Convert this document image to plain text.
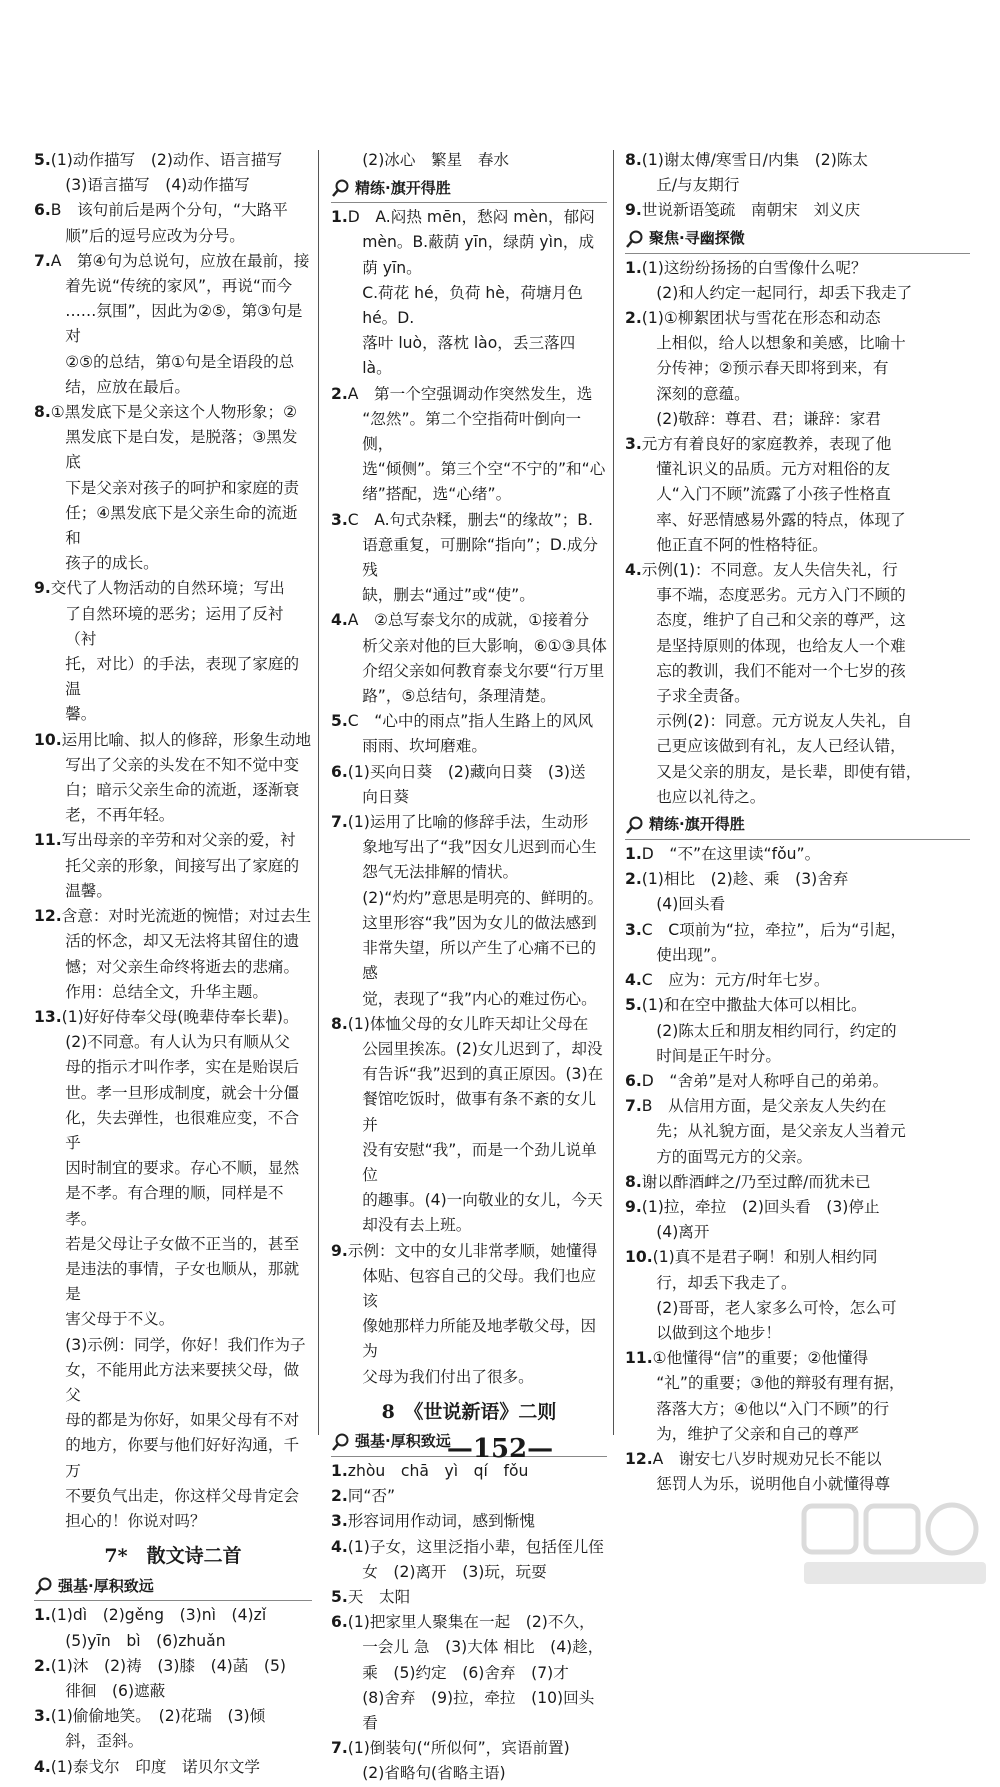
5.(1)动作描写　(2)动作、语言描写

(3)语言描写　(4)动作描写

6.B　该句前后是两个分句，“大路平

顺”后的逗号应改为分号。

7.A　第④句为总说句，应放在最前，接

着先说“传统的家风”，再说“而今

……氛围”，因此为②⑤，第③句是对

②⑤的总结，第①句是全语段的总

结，应放在最后。

8.①黑发底下是父亲这个人物形象；②

黑发底下是白发，是脱落；③黑发底

下是父亲对孩子的呵护和家庭的责

任；④黑发底下是父亲生命的流逝和

孩子的成长。

9.交代了人物活动的自然环境；写出

了自然环境的恶劣；运用了反衬（衬

托，对比）的手法，表现了家庭的温

馨。

10.运用比喻、拟人的修辞，形象生动地

写出了父亲的头发在不知不觉中变

白；暗示父亲生命的流逝，逐渐衰

老，不再年轻。

11.写出母亲的辛劳和对父亲的爱，衬

托父亲的形象，间接写出了家庭的

温馨。

12.含意：对时光流逝的惋惜；对过去生

活的怀念，却又无法将其留住的遗

憾；对父亲生命终将逝去的悲痛。

作用：总结全文，升华主题。

13.(1)好好侍奉父母(晚辈侍奉长辈)。

(2)不同意。有人认为只有顺从父

母的指示才叫作孝，实在是贻误后

世。孝一旦形成制度，就会十分僵

化，失去弹性，也很难应变，不合乎

因时制宜的要求。存心不顺，显然

是不孝。有合理的顺，同样是不孝。

若是父母让子女做不正当的，甚至

是违法的事情，子女也顺从，那就是

害父母于不义。

(3)示例：同学，你好！我们作为子

女，不能用此方法来要挟父母，做父

母的都是为你好，如果父母有不对

的地方，你要与他们好好沟通，千万

不要负气出走，你这样父母肯定会

担心的！你说对吗？

7*　散文诗二首
强基·厚积致远

1.(1)dì　(2)gěng　(3)nì　(4)zǐ

(5)yīn　bì　(6)zhuǎn

2.(1)沐　(2)祷　(3)膝　(4)菡　(5)

徘徊　(6)遮蔽

3.(1)偷偷地笑。　(2)花瑞　(3)倾

斜，歪斜。

4.(1)泰戈尔　印度　诺贝尔文学

(2)冰心　繁星　春水

精练·旗开得胜

1.D　A.闷热 mēn，愁闷 mèn，郁闷

mèn。B.蔽荫 yīn，绿荫 yìn，成荫 yīn。

C.荷花 hé，负荷 hè，荷塘月色 hé。D.

落叶 luò，落枕 lào，丢三落四 là。

2.A　第一个空强调动作突然发生，选

“忽然”。第二个空指荷叶倒向一侧，

选“倾侧”。第三个空“不宁的”和“心

绪”搭配，选“心绪”。

3.C　A.句式杂糅，删去“的缘故”；B.

语意重复，可删除“指向”；D.成分残

缺，删去“通过”或“使”。

4.A　②总写泰戈尔的成就，①接着分

析父亲对他的巨大影响，⑥①③具体

介绍父亲如何教育泰戈尔要“行万里

路”，⑤总结句，条理清楚。

5.C　“心中的雨点”指人生路上的风风

雨雨、坎坷磨难。

6.(1)买向日葵　(2)藏向日葵　(3)送

向日葵

7.(1)运用了比喻的修辞手法，生动形

象地写出了“我”因女儿迟到而心生

怨气无法排解的情状。

(2)“灼灼”意思是明亮的、鲜明的。

这里形容“我”因为女儿的做法感到

非常失望，所以产生了心痛不已的感

觉，表现了“我”内心的难过伤心。

8.(1)体恤父母的女儿昨天却让父母在

公园里挨冻。(2)女儿迟到了，却没

有告诉“我”迟到的真正原因。(3)在

餐馆吃饭时，做事有条不紊的女儿并

没有安慰“我”，而是一个劲儿说单位

的趣事。(4)一向敬业的女儿，今天

却没有去上班。

9.示例：文中的女儿非常孝顺，她懂得

体贴、包容自己的父母。我们也应该

像她那样力所能及地孝敬父母，因为

父母为我们付出了很多。

8　《世说新语》二则
强基·厚积致远

1.zhòu　chā　yì　qí　fǒu

2.同“否”

3.形容词用作动词，感到惭愧

4.(1)子女，这里泛指小辈，包括侄儿侄

女　(2)离开　(3)玩，玩耍

5.天　太阳

6.(1)把家里人聚集在一起　(2)不久，

一会儿 急　(3)大体 相比　(4)趁，

乘　(5)约定　(6)舍弃　(7)才

(8)舍弃　(9)拉，牵拉　(10)回头看

7.(1)倒装句(“所似何”，宾语前置)

(2)省略句(省略主语)

8.(1)谢太傅/寒雪日/内集　(2)陈太

丘/与友期行

9.世说新语笺疏　南朝宋　刘义庆

聚焦·寻幽探微

1.(1)这纷纷扬扬的白雪像什么呢？

(2)和人约定一起同行，却丢下我走了

2.(1)①柳絮团状与雪花在形态和动态

上相似，给人以想象和美感，比喻十

分传神；②预示春天即将到来，有

深刻的意蕴。

(2)敬辞：尊君、君；谦辞：家君

3.元方有着良好的家庭教养，表现了他

懂礼识义的品质。元方对粗俗的友

人“入门不顾”流露了小孩子性格直

率、好恶情感易外露的特点，体现了

他正直不阿的性格特征。

4.示例(1)：不同意。友人失信失礼，行

事不端，态度恶劣。元方入门不顾的

态度，维护了自己和父亲的尊严，这

是坚持原则的体现，也给友人一个难

忘的教训，我们不能对一个七岁的孩

子求全责备。

示例(2)：同意。元方说友人失礼，自

己更应该做到有礼，友人已经认错，

又是父亲的朋友，是长辈，即使有错，

也应以礼待之。

精练·旗开得胜

1.D　“不”在这里读“fǒu”。

2.(1)相比　(2)趁、乘　(3)舍弃

(4)回头看

3.C　C项前为“拉，牵拉”，后为“引起，

使出现”。

4.C　应为：元方/时年七岁。

5.(1)和在空中撒盐大体可以相比。

(2)陈太丘和朋友相约同行，约定的

时间是正午时分。

6.D　“舍弟”是对人称呼自己的弟弟。

7.B　从信用方面，是父亲友人失约在

先；从礼貌方面，是父亲友人当着元

方的面骂元方的父亲。

8.谢以酢酒衅之/乃至过醉/而犹未已

9.(1)拉，牵拉　(2)回头看　(3)停止

(4)离开

10.(1)真不是君子啊！和别人相约同

行，却丢下我走了。

(2)哥哥，老人家多么可怜，怎么可

以做到这个地步！

11.①他懂得“信”的重要；②他懂得

“礼”的重要；③他的辩驳有理有据，

落落大方；④他以“入门不顾”的行

为，维护了父亲和自己的尊严

12.A　谢安七八岁时规劝兄长不能以

惩罚人为乐，说明他自小就懂得尊

—152—
